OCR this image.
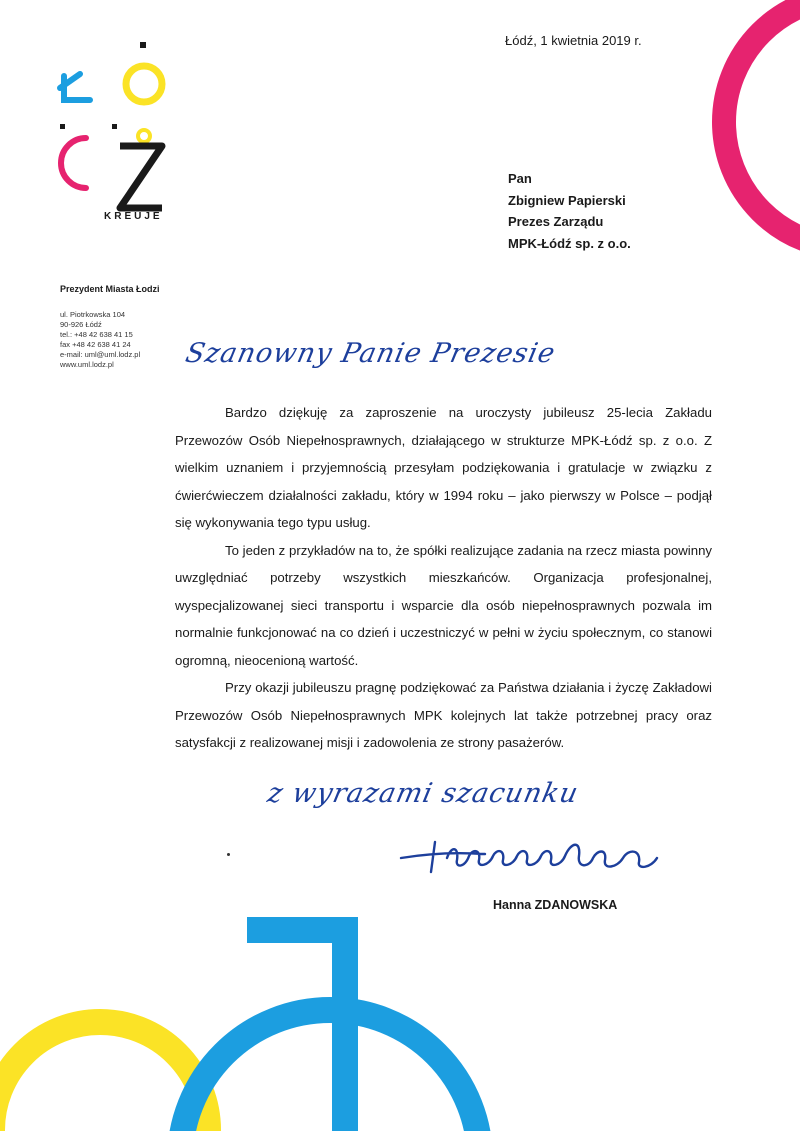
KREUJE
Prezydent Miasta Łodzi
ul. Piotrkowska 104
90-926 Łódź
tel.: +48 42 638 41 15
fax +48 42 638 41 24
e-mail: uml@uml.lodz.pl
www.uml.lodz.pl
Łódź, 1 kwietnia 2019 r.
Pan
Zbigniew Papierski
Prezes Zarządu
MPK-Łódź sp. z o.o.
Szanowny Panie Prezesie

Bardzo dziękuję za zaproszenie na uroczysty jubileusz 25-lecia Zakładu Przewozów Osób Niepełnosprawnych, działającego w strukturze MPK-Łódź sp. z o.o. Z wielkim uznaniem i przyjemnością przesyłam podziękowania i gratulacje w związku z ćwierćwieczem działalności zakładu, który w 1994 roku – jako pierwszy w Polsce – podjął się wykonywania tego typu usług.

To jeden z przykładów na to, że spółki realizujące zadania na rzecz miasta powinny uwzględniać potrzeby wszystkich mieszkańców. Organizacja profesjonalnej, wyspecjalizowanej sieci transportu i wsparcie dla osób niepełnosprawnych pozwala im normalnie funkcjonować na co dzień i uczestniczyć w pełni w życiu społecznym, co stanowi ogromną, nieocenioną wartość.

Przy okazji jubileuszu pragnę podziękować za Państwa działania i życzę Zakładowi Przewozów Osób Niepełnosprawnych MPK kolejnych lat także potrzebnej pracy oraz satysfakcji z realizowanej misji i zadowolenia ze strony pasażerów.

z wyrazami szacunku
Hanna ZDANOWSKA
